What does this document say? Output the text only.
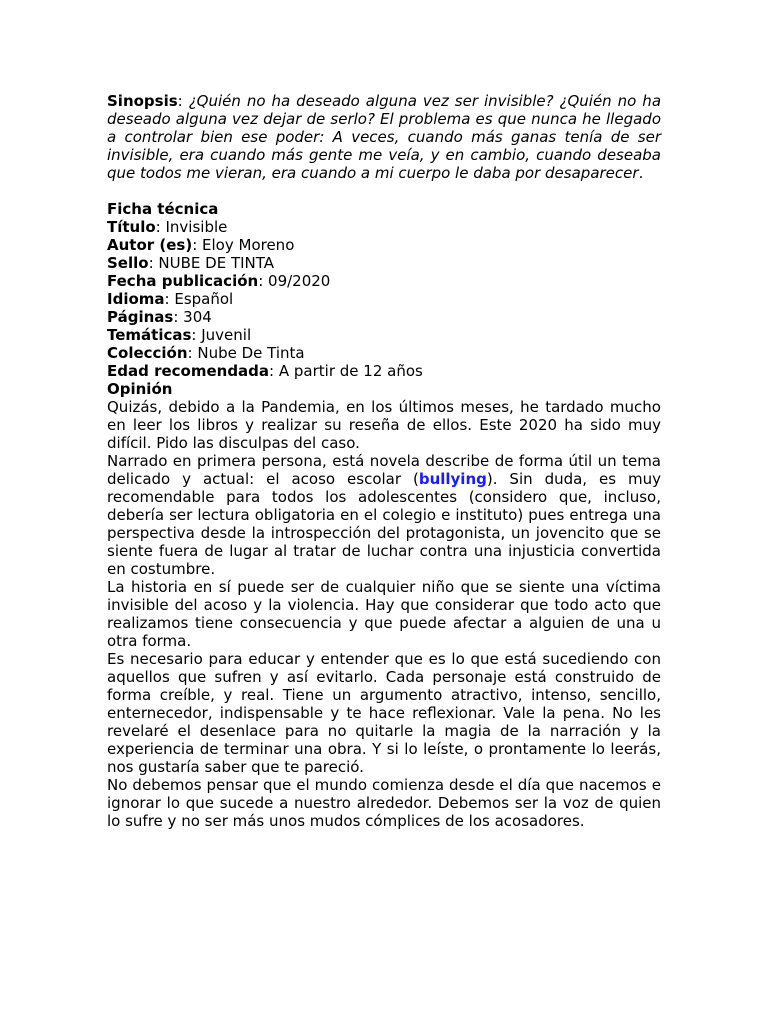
Sinopsis: ¿Quién no ha deseado alguna vez ser invisible? ¿Quién no ha deseado alguna vez dejar de serlo? El problema es que nunca he llegado a controlar bien ese poder: A veces, cuando más ganas tenía de ser invisible, era cuando más gente me veía, y en cambio, cuando deseaba que todos me vieran, era cuando a mi cuerpo le daba por desaparecer.

Ficha técnica

Título: Invisible

Autor (es): Eloy Moreno

Sello: NUBE DE TINTA

Fecha publicación: 09/2020

Idioma: Español

Páginas: 304

Temáticas: Juvenil

Colección: Nube De Tinta

Edad recomendada: A partir de 12 años

Opinión

Quizás, debido a la Pandemia, en los últimos meses, he tardado mucho en leer los libros y realizar su reseña de ellos. Este 2020 ha sido muy difícil. Pido las disculpas del caso.

Narrado en primera persona, está novela describe de forma útil un tema delicado y actual: el acoso escolar (bullying). Sin duda, es muy recomendable para todos los adolescentes (considero que, incluso, debería ser lectura obligatoria en el colegio e instituto) pues entrega una perspectiva desde la introspección del protagonista, un jovencito que se siente fuera de lugar al tratar de luchar contra una injusticia convertida en costumbre.

La historia en sí puede ser de cualquier niño que se siente una víctima invisible del acoso y la violencia. Hay que considerar que todo acto que realizamos tiene consecuencia y que puede afectar a alguien de una u otra forma.

Es necesario para educar y entender que es lo que está sucediendo con aquellos que sufren y así evitarlo. Cada personaje está construido de forma creíble, y real. Tiene un argumento atractivo, intenso, sencillo, enternecedor, indispensable y te hace reflexionar. Vale la pena. No les revelaré el desenlace para no quitarle la magia de la narración y la experiencia de terminar una obra. Y si lo leíste, o prontamente lo leerás, nos gustaría saber que te pareció.

No debemos pensar que el mundo comienza desde el día que nacemos e ignorar lo que sucede a nuestro alrededor. Debemos ser la voz de quien lo sufre y no ser más unos mudos cómplices de los acosadores.
